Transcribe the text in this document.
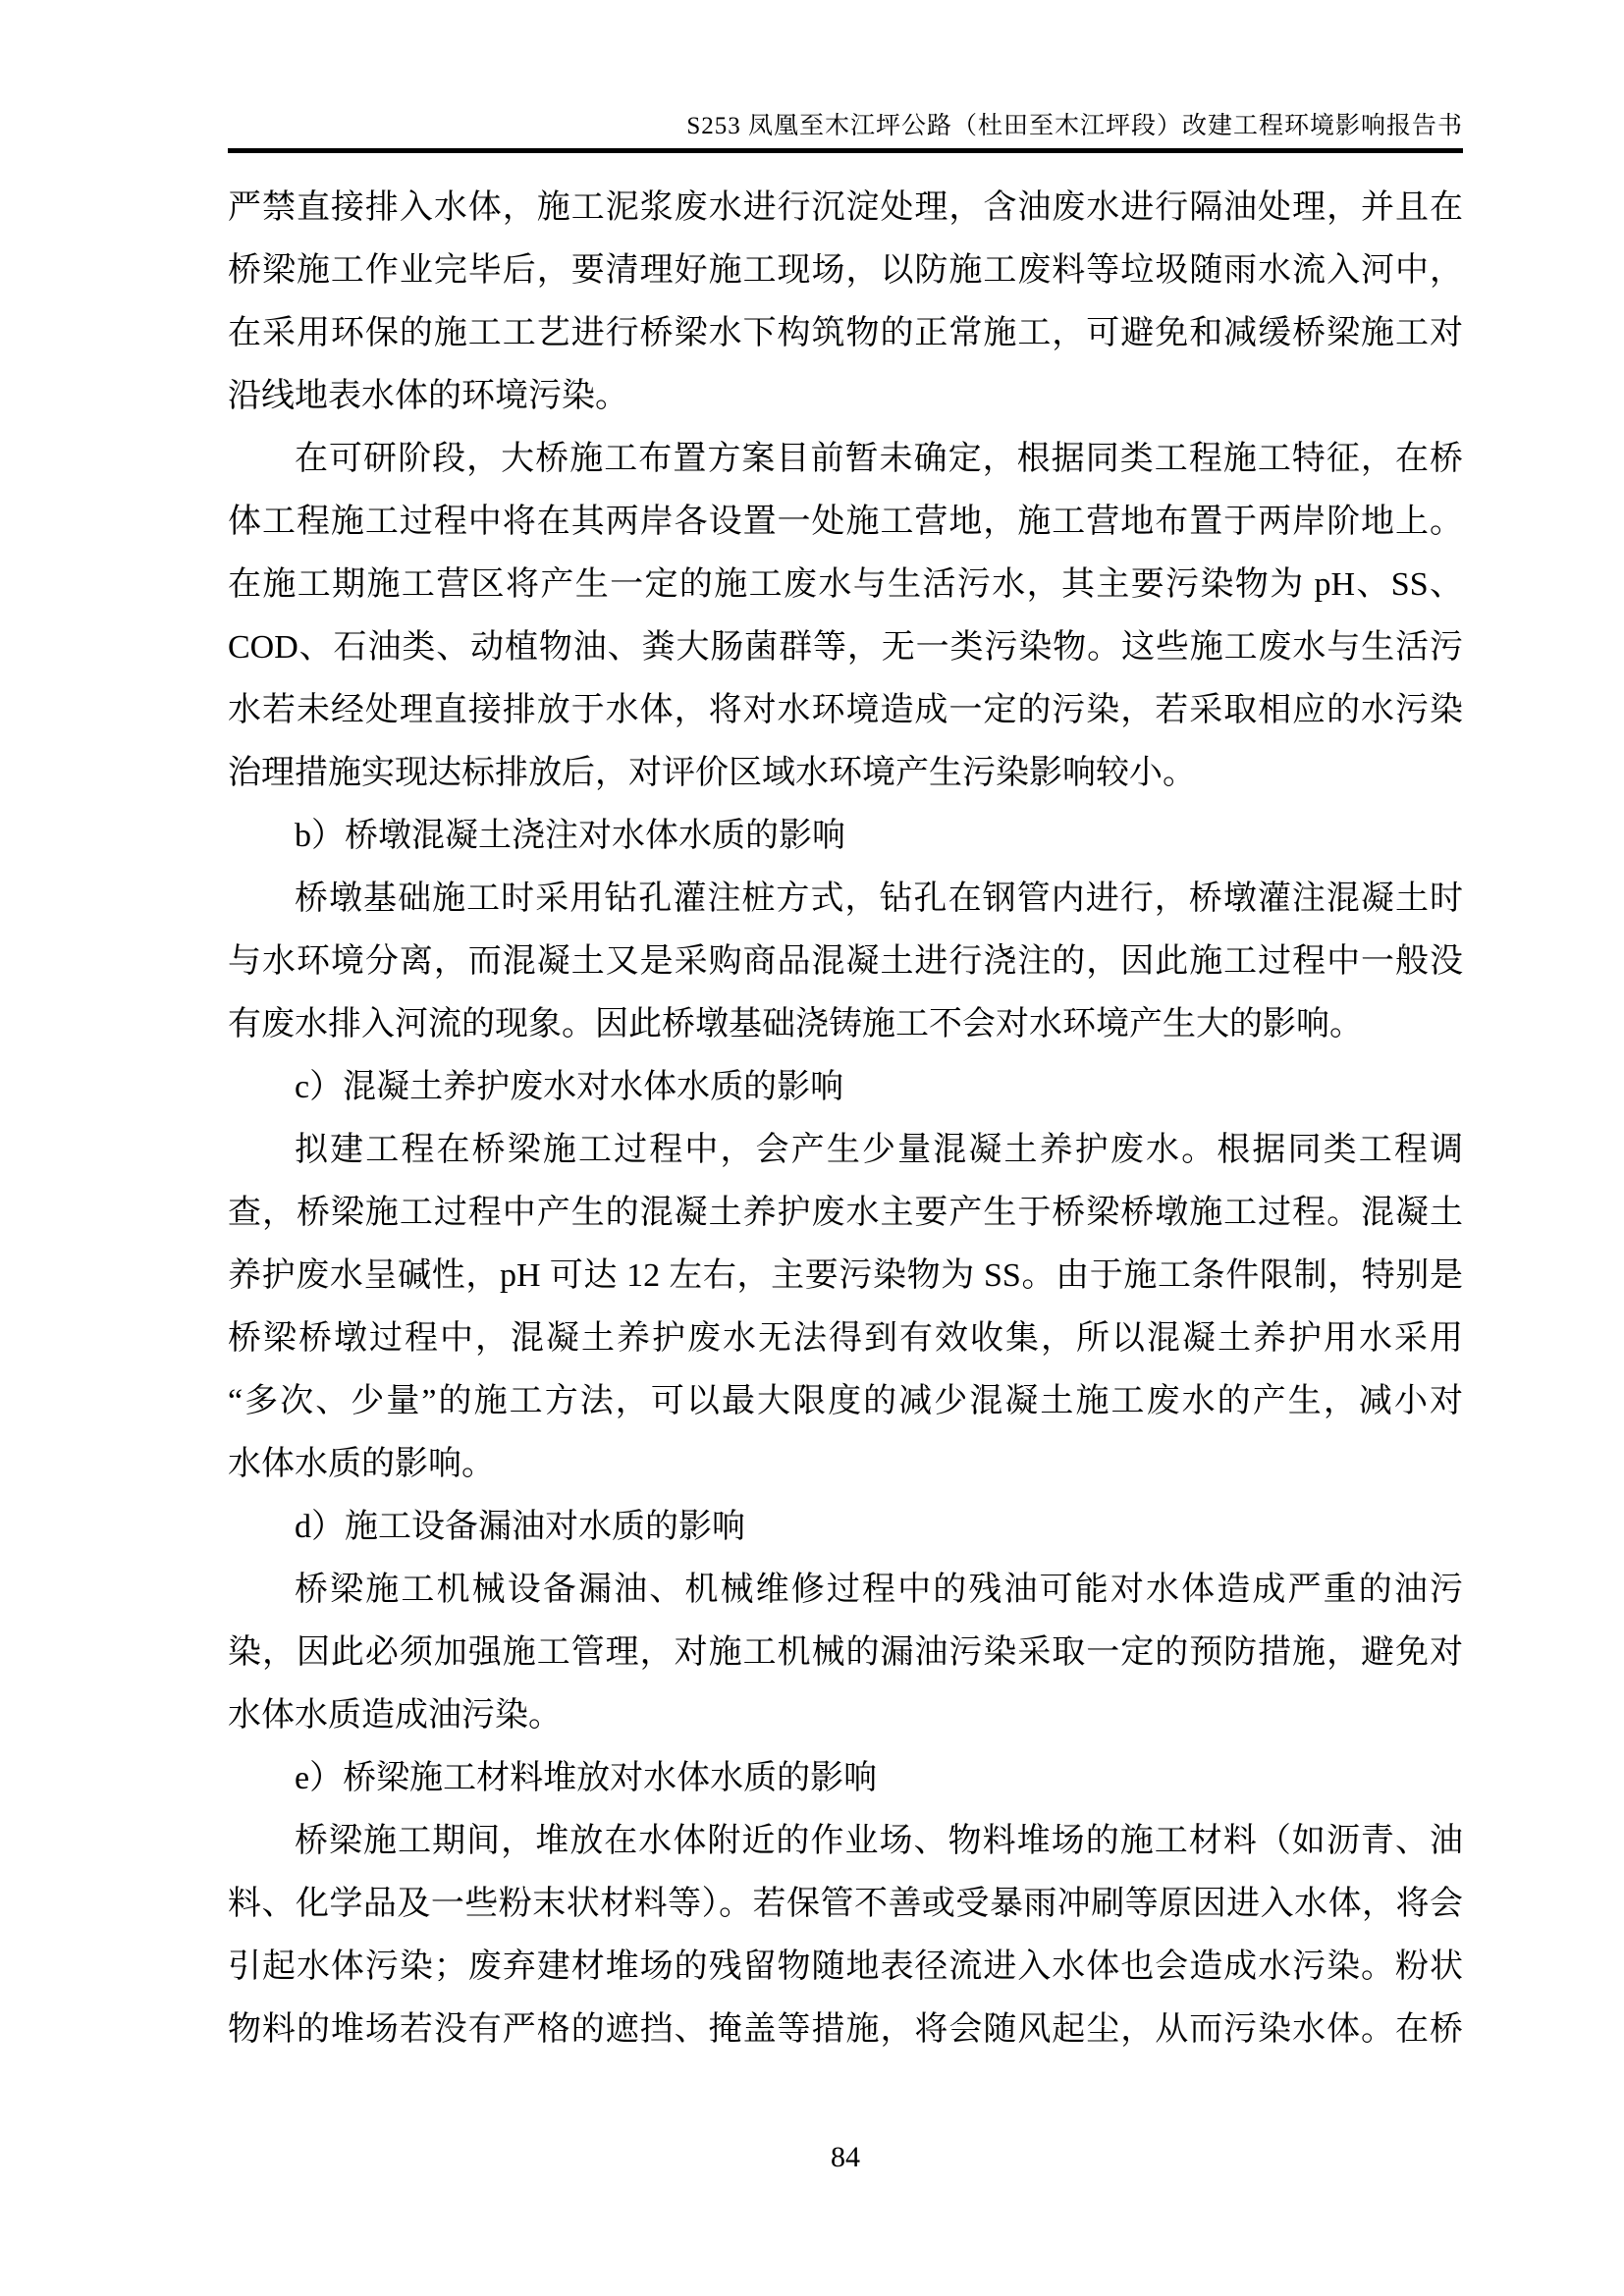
S253 凤凰至木江坪公路（杜田至木江坪段）改建工程环境影响报告书
严禁直接排入水体，施工泥浆废水进行沉淀处理，含油废水进行隔油处理，并且在
桥梁施工作业完毕后，要清理好施工现场，以防施工废料等垃圾随雨水流入河中，
在采用环保的施工工艺进行桥梁水下构筑物的正常施工，可避免和减缓桥梁施工对
沿线地表水体的环境污染。
在可研阶段，大桥施工布置方案目前暂未确定，根据同类工程施工特征，在桥
体工程施工过程中将在其两岸各设置一处施工营地，施工营地布置于两岸阶地上。
在施工期施工营区将产生一定的施工废水与生活污水，其主要污染物为 pH、SS、
COD、石油类、动植物油、粪大肠菌群等，无一类污染物。这些施工废水与生活污
水若未经处理直接排放于水体，将对水环境造成一定的污染，若采取相应的水污染
治理措施实现达标排放后，对评价区域水环境产生污染影响较小。
b）桥墩混凝土浇注对水体水质的影响
桥墩基础施工时采用钻孔灌注桩方式，钻孔在钢管内进行，桥墩灌注混凝土时
与水环境分离，而混凝土又是采购商品混凝土进行浇注的，因此施工过程中一般没
有废水排入河流的现象。因此桥墩基础浇铸施工不会对水环境产生大的影响。
c）混凝土养护废水对水体水质的影响
拟建工程在桥梁施工过程中，会产生少量混凝土养护废水。根据同类工程调
查，桥梁施工过程中产生的混凝土养护废水主要产生于桥梁桥墩施工过程。混凝土
养护废水呈碱性，pH 可达 12 左右，主要污染物为 SS。由于施工条件限制，特别是
桥梁桥墩过程中，混凝土养护废水无法得到有效收集，所以混凝土养护用水采用
“多次、少量”的施工方法，可以最大限度的减少混凝土施工废水的产生，减小对
水体水质的影响。
d）施工设备漏油对水质的影响
桥梁施工机械设备漏油、机械维修过程中的残油可能对水体造成严重的油污
染，因此必须加强施工管理，对施工机械的漏油污染采取一定的预防措施，避免对
水体水质造成油污染。
e）桥梁施工材料堆放对水体水质的影响
桥梁施工期间，堆放在水体附近的作业场、物料堆场的施工材料（如沥青、油
料、化学品及一些粉末状材料等）。若保管不善或受暴雨冲刷等原因进入水体，将会
引起水体污染；废弃建材堆场的残留物随地表径流进入水体也会造成水污染。粉状
物料的堆场若没有严格的遮挡、掩盖等措施，将会随风起尘，从而污染水体。在桥
84
